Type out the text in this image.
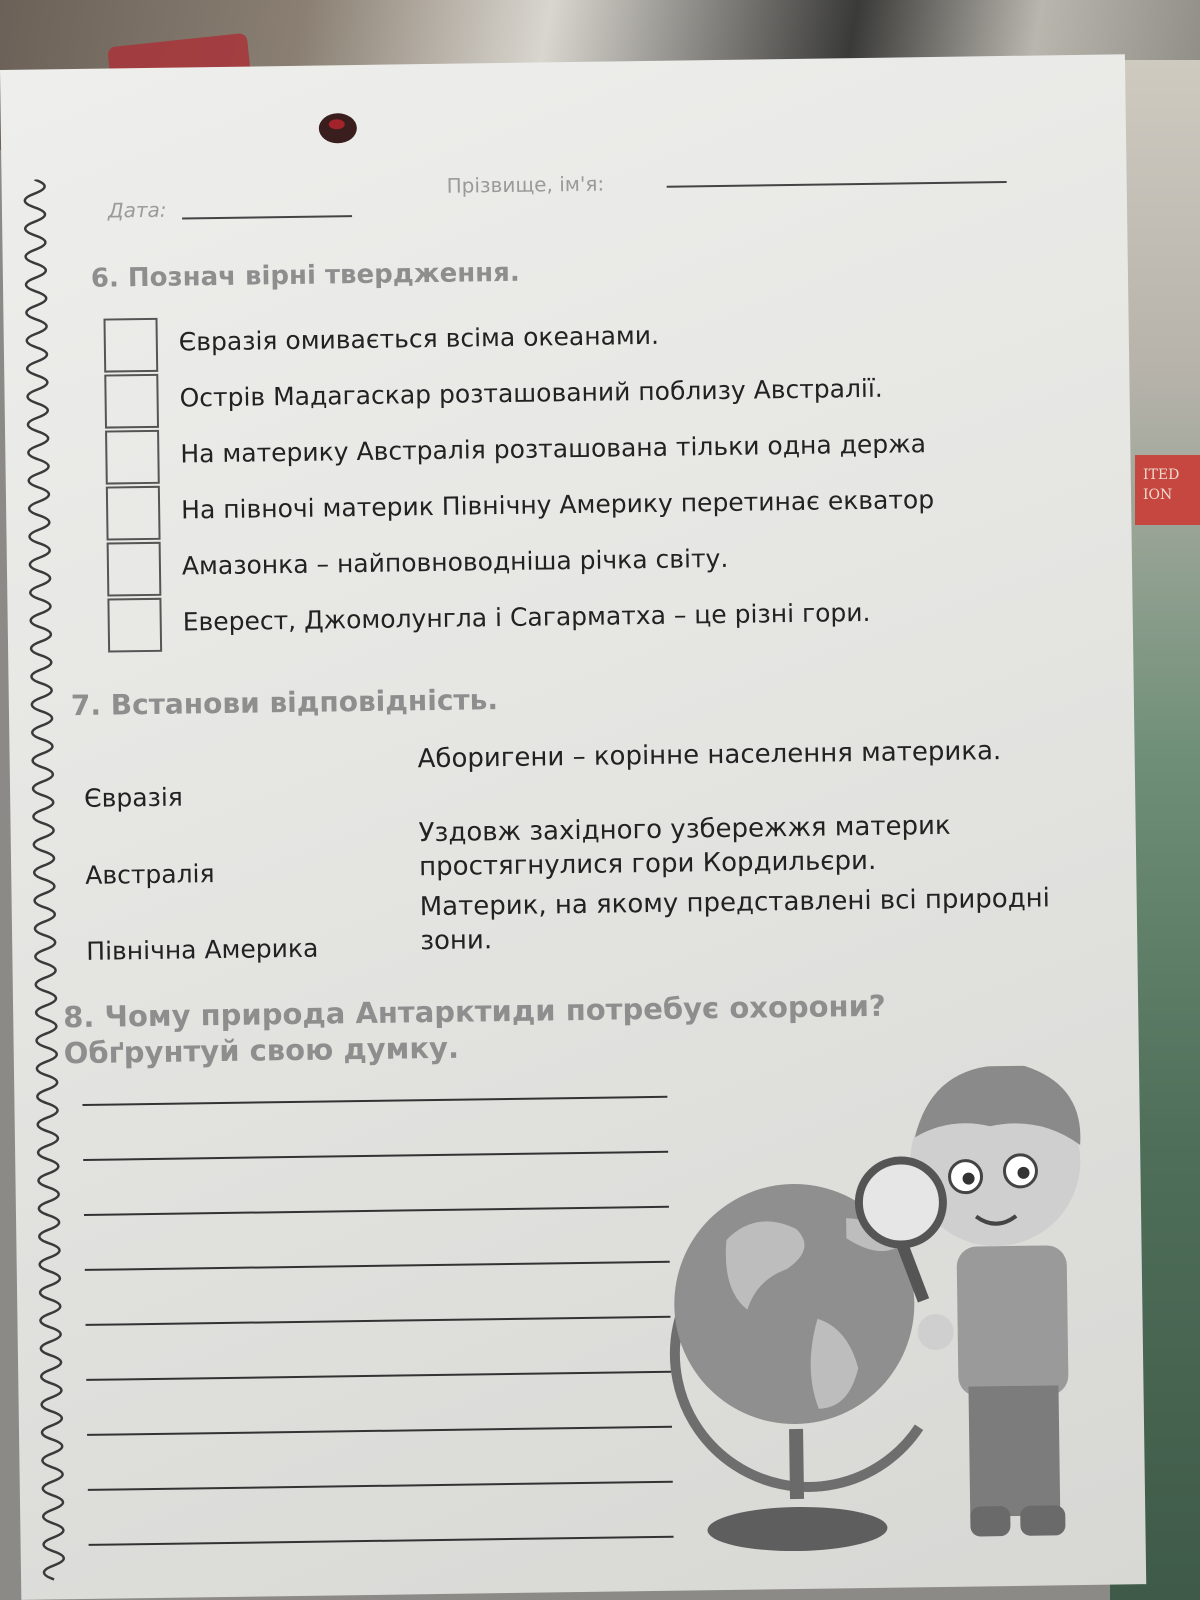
ITED ION
Дата:
Прізвище, ім'я:
6. Познач вірні твердження.
Євразія омивається всіма океанами.
Острів Мадагаскар розташований поблизу Австралії.
На материку Австралія розташована тільки одна держа
На півночі материк Північну Америку перетинає екватор
Амазонка – найповноводніша річка світу.
Еверест, Джомолунгла і Сагарматха – це різні гори.
7. Встанови відповідність.
Євразія
Австралія
Північна Америка
Аборигени – корінне населення материка.
Уздовж західного узбережжя материк простягнулися гори Кордильєри.
Материк, на якому представлені всі природні зони.
8. Чому природа Антарктиди потребує охорони? Обґрунтуй свою думку.
